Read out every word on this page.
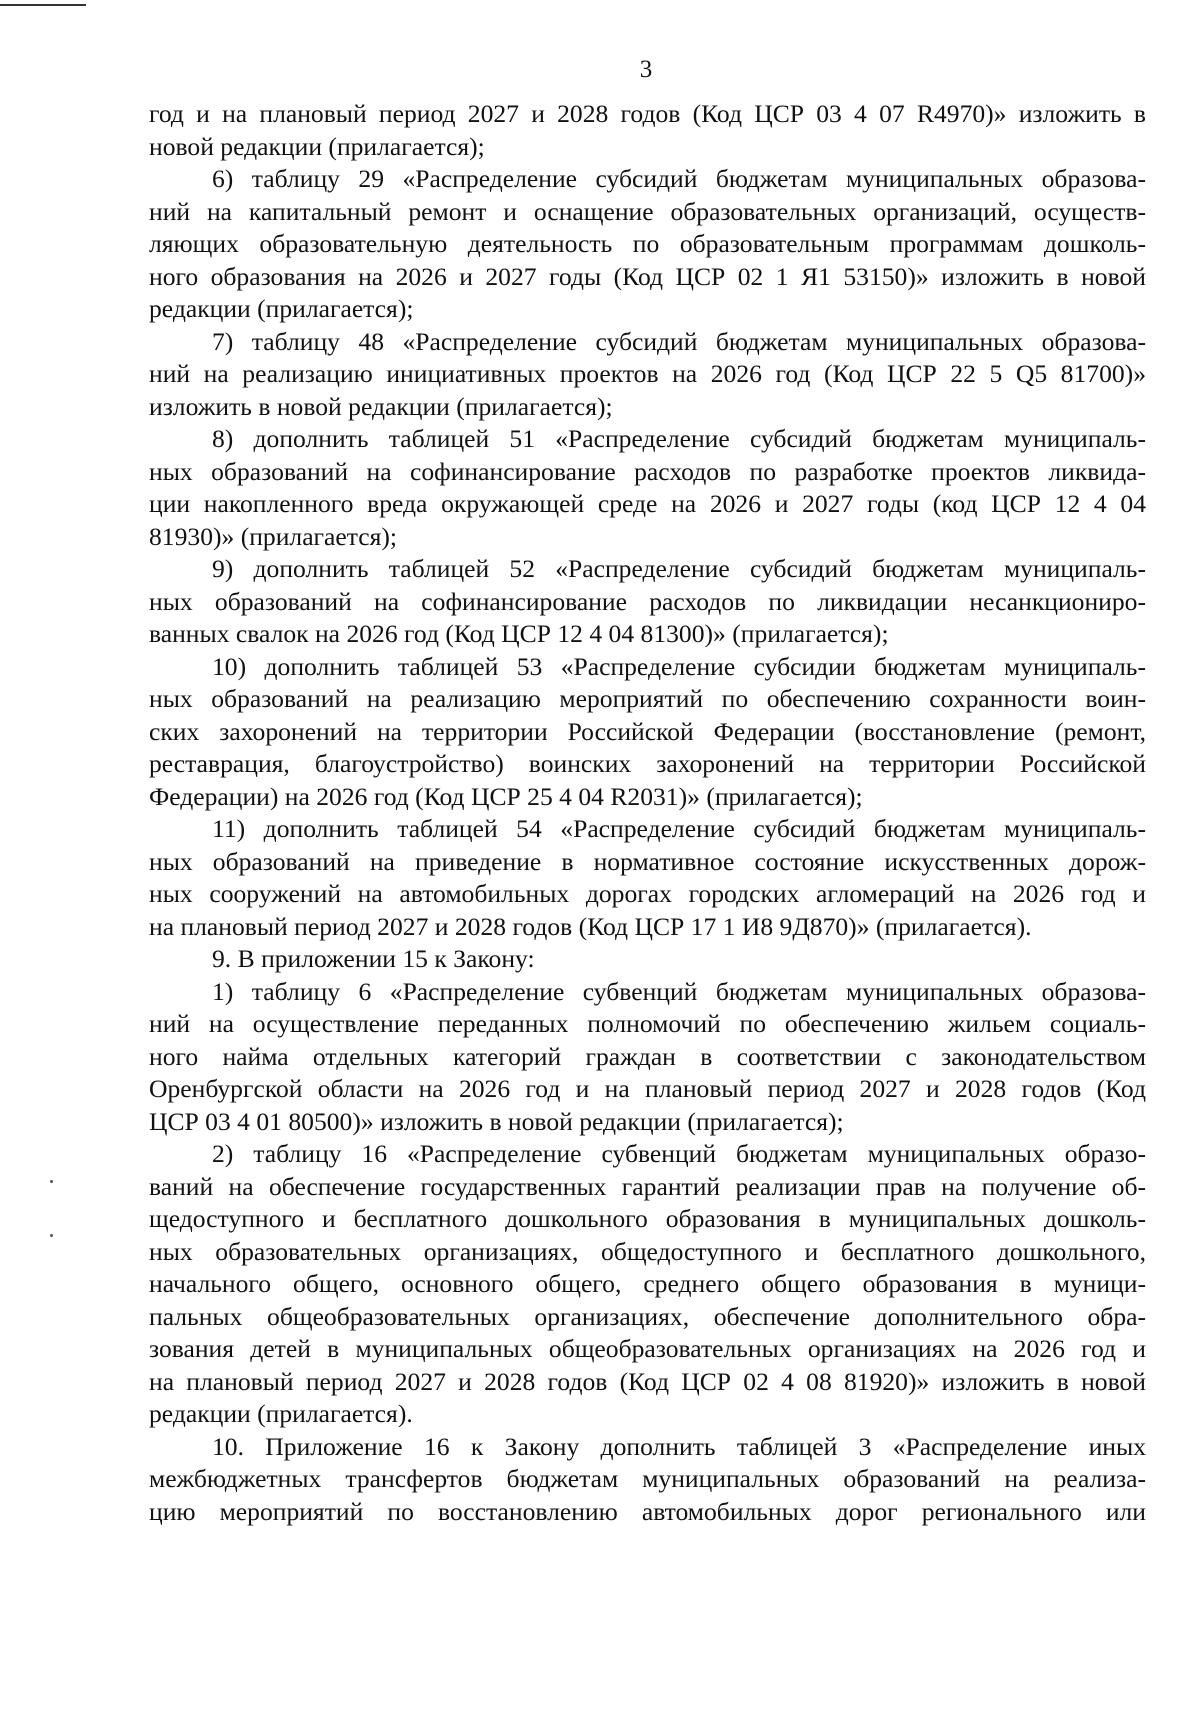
3
год и на плановый период 2027 и 2028 годов (Код ЦСР 03 4 07 R4970)» изложить в
новой редакции (прилагается);
6) таблицу 29 «Распределение субсидий бюджетам муниципальных образова-
ний на капитальный ремонт и оснащение образовательных организаций, осуществ-
ляющих образовательную деятельность по образовательным программам дошколь-
ного образования на 2026 и 2027 годы (Код ЦСР 02 1 Я1 53150)» изложить в новой
редакции (прилагается);
7) таблицу 48 «Распределение субсидий бюджетам муниципальных образова-
ний на реализацию инициативных проектов на 2026 год (Код ЦСР 22 5 Q5 81700)»
изложить в новой редакции (прилагается);
8) дополнить таблицей 51 «Распределение субсидий бюджетам муниципаль-
ных образований на софинансирование расходов по разработке проектов ликвида-
ции накопленного вреда окружающей среде на 2026 и 2027 годы (код ЦСР 12 4 04
81930)» (прилагается);
9) дополнить таблицей 52 «Распределение субсидий бюджетам муниципаль-
ных образований на софинансирование расходов по ликвидации несанкциониро-
ванных свалок на 2026 год (Код ЦСР 12 4 04 81300)» (прилагается);
10) дополнить таблицей 53 «Распределение субсидии бюджетам муниципаль-
ных образований на реализацию мероприятий по обеспечению сохранности воин-
ских захоронений на территории Российской Федерации (восстановление (ремонт,
реставрация, благоустройство) воинских захоронений на территории Российской
Федерации) на 2026 год (Код ЦСР 25 4 04 R2031)» (прилагается);
11) дополнить таблицей 54 «Распределение субсидий бюджетам муниципаль-
ных образований на приведение в нормативное состояние искусственных дорож-
ных сооружений на автомобильных дорогах городских агломераций на 2026 год и
на плановый период 2027 и 2028 годов (Код ЦСР 17 1 И8 9Д870)» (прилагается).
9. В приложении 15 к Закону:
1) таблицу 6 «Распределение субвенций бюджетам муниципальных образова-
ний на осуществление переданных полномочий по обеспечению жильем социаль-
ного найма отдельных категорий граждан в соответствии с законодательством
Оренбургской области на 2026 год и на плановый период 2027 и 2028 годов (Код
ЦСР 03 4 01 80500)» изложить в новой редакции (прилагается);
2) таблицу 16 «Распределение субвенций бюджетам муниципальных образо-
ваний на обеспечение государственных гарантий реализации прав на получение об-
щедоступного и бесплатного дошкольного образования в муниципальных дошколь-
ных образовательных организациях, общедоступного и бесплатного дошкольного,
начального общего, основного общего, среднего общего образования в муници-
пальных общеобразовательных организациях, обеспечение дополнительного обра-
зования детей в муниципальных общеобразовательных организациях на 2026 год и
на плановый период 2027 и 2028 годов (Код ЦСР 02 4 08 81920)» изложить в новой
редакции (прилагается).
10. Приложение 16 к Закону дополнить таблицей 3 «Распределение иных
межбюджетных трансфертов бюджетам муниципальных образований на реализа-
цию мероприятий по восстановлению автомобильных дорог регионального или
